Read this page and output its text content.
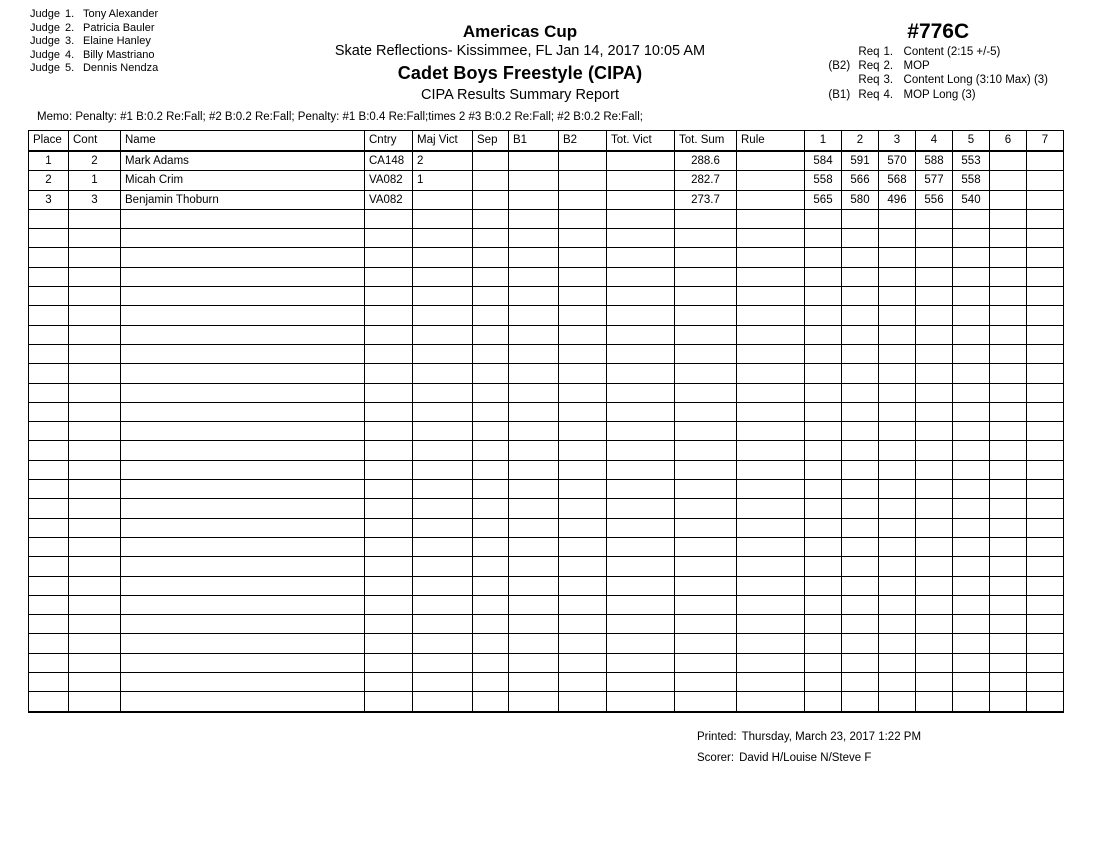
Judge 1. Tony Alexander
Judge 2. Patricia Bauler
Judge 3. Elaine Hanley
Judge 4. Billy Mastriano
Judge 5. Dennis Nendza
Americas Cup
Skate Reflections- Kissimmee, FL Jan 14, 2017 10:05 AM
Cadet Boys Freestyle (CIPA)
CIPA Results Summary Report
#776C
Req 1. Content (2:15 +/-5)
(B2) Req 2. MOP
Req 3. Content Long (3:10 Max) (3)
(B1) Req 4. MOP Long (3)
Memo: Penalty: #1 B:0.2 Re:Fall; #2 B:0.2 Re:Fall; Penalty: #1 B:0.4 Re:Fall;times 2 #3 B:0.2 Re:Fall; #2 B:0.2 Re:Fall;
Place	Cont	Name	Cntry	Maj Vict	Sep	B1	B2	Tot. Vict	Tot. Sum	Rule	1	2	3	4	5	6	7
1	2	Mark Adams	CA148	2					288.6		584	591	570	588	553		
2	1	Micah Crim	VA082	1					282.7		558	566	568	577	558		
3	3	Benjamin Thoburn	VA082						273.7		565	580	496	556	540		

Printed: Thursday, March 23, 2017 1:22 PM
Scorer: David H/Louise N/Steve F
